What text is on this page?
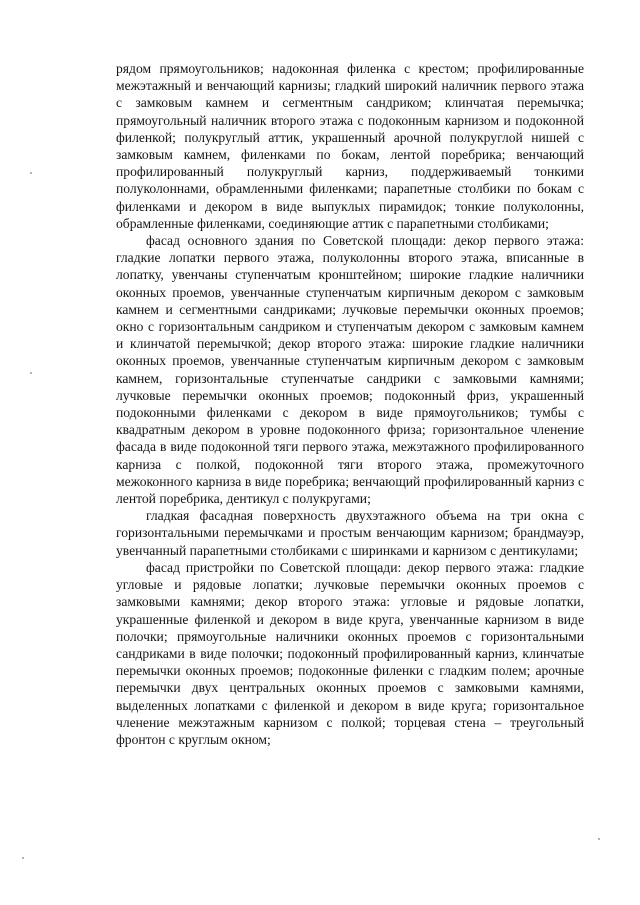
рядом прямоугольников; надоконная филенка с крестом; профилированные межэтажный и венчающий карнизы; гладкий широкий наличник первого этажа с замковым камнем и сегментным сандриком; клинчатая перемычка; прямоугольный наличник второго этажа с подоконным карнизом и подоконной филенкой; полукруглый аттик, украшенный арочной полукруглой нишей с замковым камнем, филенками по бокам, лентой поребрика; венчающий профилированный полукруглый карниз, поддерживаемый тонкими полуколоннами, обрамленными филенками; парапетные столбики по бокам с филенками и декором в виде выпуклых пирамидок; тонкие полуколонны, обрамленные филенками, соединяющие аттик с парапетными столбиками;

фасад основного здания по Советской площади: декор первого этажа: гладкие лопатки первого этажа, полуколонны второго этажа, вписанные в лопатку, увенчаны ступенчатым кронштейном; широкие гладкие наличники оконных проемов, увенчанные ступенчатым кирпичным декором с замковым камнем и сегментными сандриками; лучковые перемычки оконных проемов; окно с горизонтальным сандриком и ступенчатым декором с замковым камнем и клинчатой перемычкой; декор второго этажа: широкие гладкие наличники оконных проемов, увенчанные ступенчатым кирпичным декором с замковым камнем, горизонтальные ступенчатые сандрики с замковыми камнями; лучковые перемычки оконных проемов; подоконный фриз, украшенный подоконными филенками с декором в виде прямоугольников; тумбы с квадратным декором в уровне подоконного фриза; горизонтальное членение фасада в виде подоконной тяги первого этажа, межэтажного профилированного карниза с полкой, подоконной тяги второго этажа, промежуточного межоконного карниза в виде поребрика; венчающий профилированный карниз с лентой поребрика, дентикул с полукругами;

гладкая фасадная поверхность двухэтажного объема на три окна с горизонтальными перемычками и простым венчающим карнизом; брандмауэр, увенчанный парапетными столбиками с ширинками и карнизом с дентикулами;

фасад пристройки по Советской площади: декор первого этажа: гладкие угловые и рядовые лопатки; лучковые перемычки оконных проемов с замковыми камнями; декор второго этажа: угловые и рядовые лопатки, украшенные филенкой и декором в виде круга, увенчанные карнизом в виде полочки; прямоугольные наличники оконных проемов с горизонтальными сандриками в виде полочки; подоконный профилированный карниз, клинчатые перемычки оконных проемов; подоконные филенки с гладким полем; арочные перемычки двух центральных оконных проемов с замковыми камнями, выделенных лопатками с филенкой и декором в виде круга; горизонтальное членение межэтажным карнизом с полкой; торцевая стена – треугольный фронтон с круглым окном;
